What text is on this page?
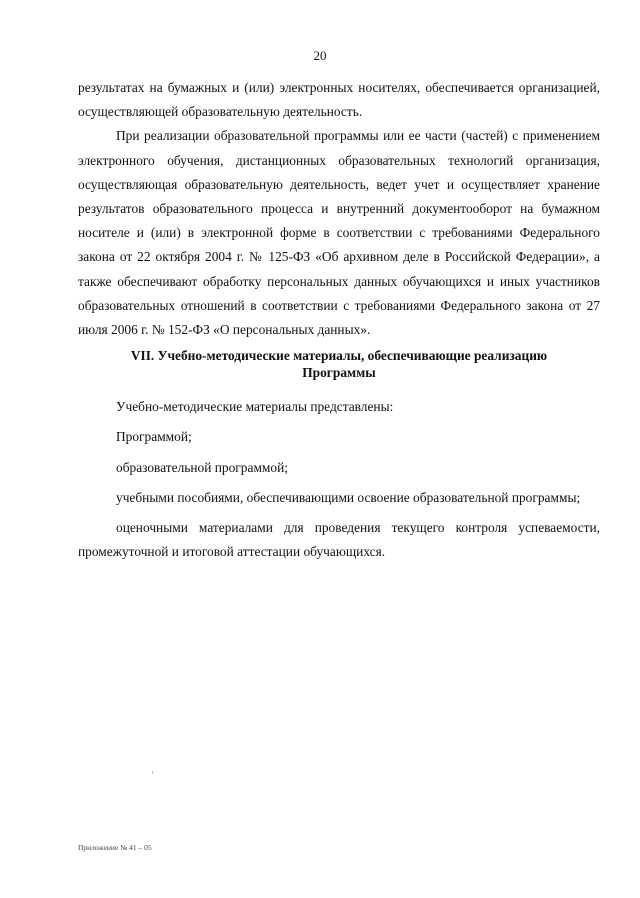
20

результатах на бумажных и (или) электронных носителях, обеспечивается организацией, осуществляющей образовательную деятельность.

При реализации образовательной программы или ее части (частей) с применением электронного обучения, дистанционных образовательных технологий организация, осуществляющая образовательную деятельность, ведет учет и осуществляет хранение результатов образовательного процесса и внутренний документооборот на бумажном носителе и (или) в электронной форме в соответствии с требованиями Федерального закона от 22 октября 2004 г. № 125-ФЗ «Об архивном деле в Российской Федерации», а также обеспечивают обработку персональных данных обучающихся и иных участников образовательных отношений в соответствии с требованиями Федерального закона от 27 июля 2006 г. № 152-ФЗ «О персональных данных».

VII. Учебно-методические материалы, обеспечивающие реализацию
Программы

Учебно-методические материалы представлены:

Программой;

образовательной программой;

учебными пособиями, обеспечивающими освоение образовательной программы;

оценочными материалами для проведения текущего контроля успеваемости, промежуточной и итоговой аттестации обучающихся.

Приложение № 41 – 05
